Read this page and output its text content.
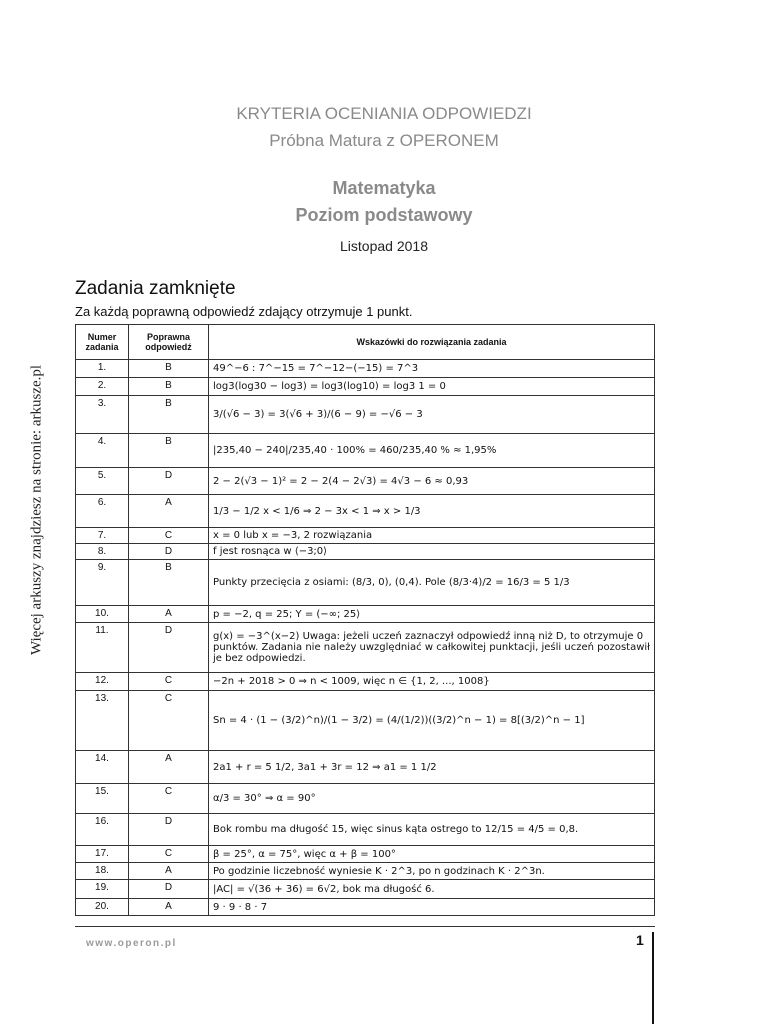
Więcej arkuszy znajdziesz na stronie: arkusze.pl
KRYTERIA OCENIANIA ODPOWIEDZI
Próbna Matura z OPERONEM
Matematyka
Poziom podstawowy
Listopad 2018
Zadania zamknięte
Za każdą poprawną odpowiedź zdający otrzymuje 1 punkt.
Numer zadania	Poprawna odpowiedź	Wskazówki do rozwiązania zadania
1.	B	49^−6 : 7^−15 = 7^−12−(−15) = 7^3
2.	B	log3(log30 − log3) = log3(log10) = log3 1 = 0
3.	B	3/(√6 − 3) = 3(√6 + 3)/(6 − 9) = −√6 − 3
4.	B	|235,40 − 240|/235,40 · 100% = 460/235,40 % ≈ 1,95%
5.	D	2 − 2(√3 − 1)² = 2 − 2(4 − 2√3) = 4√3 − 6 ≈ 0,93
6.	A	1/3 − 1/2 x < 1/6 ⇒ 2 − 3x < 1 ⇒ x > 1/3
7.	C	x = 0 lub x = −3, 2 rozwiązania
8.	D	f jest rosnąca w ⟨−3;0⟩
9.	B	Punkty przecięcia z osiami: (8/3, 0), (0,4). Pole (8/3·4)/2 = 16/3 = 5 1/3
10.	A	p = −2, q = 25; Y = (−∞; 25⟩
11.	D	g(x) = −3^(x−2) Uwaga: jeżeli uczeń zaznaczył odpowiedź inną niż D, to otrzymuje 0 punktów. Zadania nie należy uwzględniać w całkowitej punktacji, jeśli uczeń pozostawił je bez odpowiedzi.
12.	C	−2n + 2018 > 0 ⇒ n < 1009, więc n ∈ {1, 2, ..., 1008}
13.	C	Sn = 4 · (1 − (3/2)^n)/(1 − 3/2) = (4/(1/2))((3/2)^n − 1) = 8[(3/2)^n − 1]
14.	A	2a1 + r = 5 1/2, 3a1 + 3r = 12 ⇒ a1 = 1 1/2
15.	C	α/3 = 30° ⇒ α = 90°
16.	D	Bok rombu ma długość 15, więc sinus kąta ostrego to 12/15 = 4/5 = 0,8.
17.	C	β = 25°, α = 75°, więc α + β = 100°
18.	A	Po godzinie liczebność wyniesie K · 2^3, po n godzinach K · 2^3n.
19.	D	|AC| = √(36 + 36) = 6√2, bok ma długość 6.
20.	A	9 · 9 · 8 · 7
www.operon.pl	1
